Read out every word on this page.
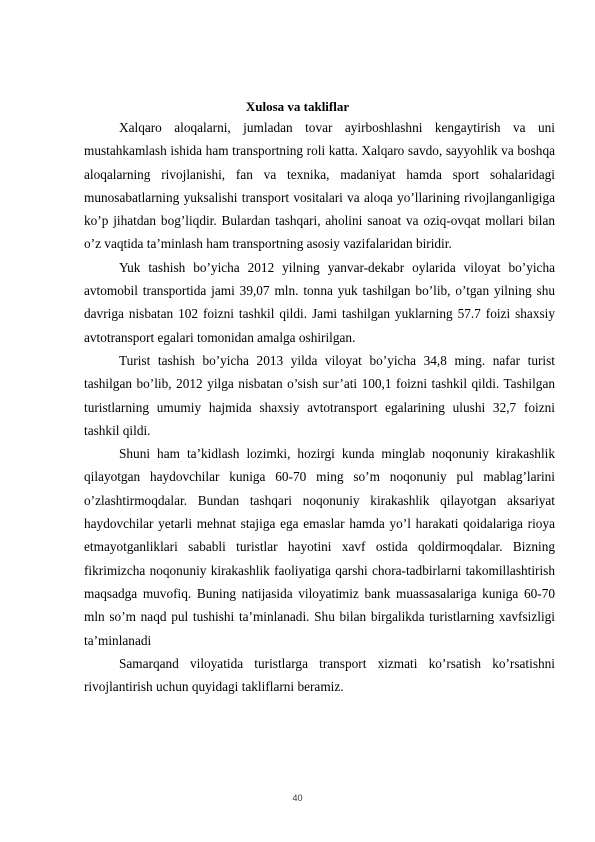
Xulosa va takliflar

Xalqaro aloqalarni, jumladan tovar ayirboshlashni kengaytirish va uni mustahkamlash ishida ham transportning roli katta. Xalqaro savdo, sayyohlik va boshqa aloqalarning rivojlanishi, fan va texnika, madaniyat hamda sport sohalaridagi munosabatlarning yuksalishi transport vositalari va aloqa yo’llarining rivojlanganligiga ko’p jihatdan bog’liqdir. Bulardan tashqari, aholini sanoat va oziq-ovqat mollari bilan o’z vaqtida ta’minlash ham transportning asosiy vazifalaridan biridir.

Yuk tashish bo’yicha 2012 yilning yanvar-dekabr oylarida viloyat bo’yicha avtomobil transportida jami 39,07 mln. tonna yuk tashilgan bo’lib, o’tgan yilning shu davriga nisbatan 102 foizni tashkil qildi. Jami tashilgan yuklarning 57.7 foizi shaxsiy avtotransport egalari tomonidan amalga oshirilgan.

Turist tashish bo’yicha 2013 yilda viloyat bo’yicha 34,8 ming. nafar turist tashilgan bo’lib, 2012 yilga nisbatan o’sish sur’ati 100,1 foizni tashkil qildi. Tashilgan turistlarning umumiy hajmida shaxsiy avtotransport egalarining ulushi 32,7 foizni tashkil qildi.

Shuni ham ta’kidlash lozimki, hozirgi kunda minglab noqonuniy kirakashlik qilayotgan haydovchilar kuniga 60-70 ming so’m noqonuniy pul mablag’larini o’zlashtirmoqdalar. Bundan tashqari noqonuniy kirakashlik qilayotgan aksariyat haydovchilar yetarli mehnat stajiga ega emaslar hamda yo’l harakati qoidalariga rioya etmayotganliklari sababli turistlar hayotini xavf ostida qoldirmoqdalar. Bizning fikrimizcha noqonuniy kirakashlik faoliyatiga qarshi chora-tadbirlarni takomillashtirish maqsadga muvofiq. Buning natijasida viloyatimiz bank muassasalariga kuniga 60-70 mln so’m naqd pul tushishi ta’minlanadi. Shu bilan birgalikda turistlarning xavfsizligi ta’minlanadi

Samarqand viloyatida turistlarga transport xizmati ko’rsatish ko’rsatishni rivojlantirish uchun quyidagi takliflarni beramiz.

40
